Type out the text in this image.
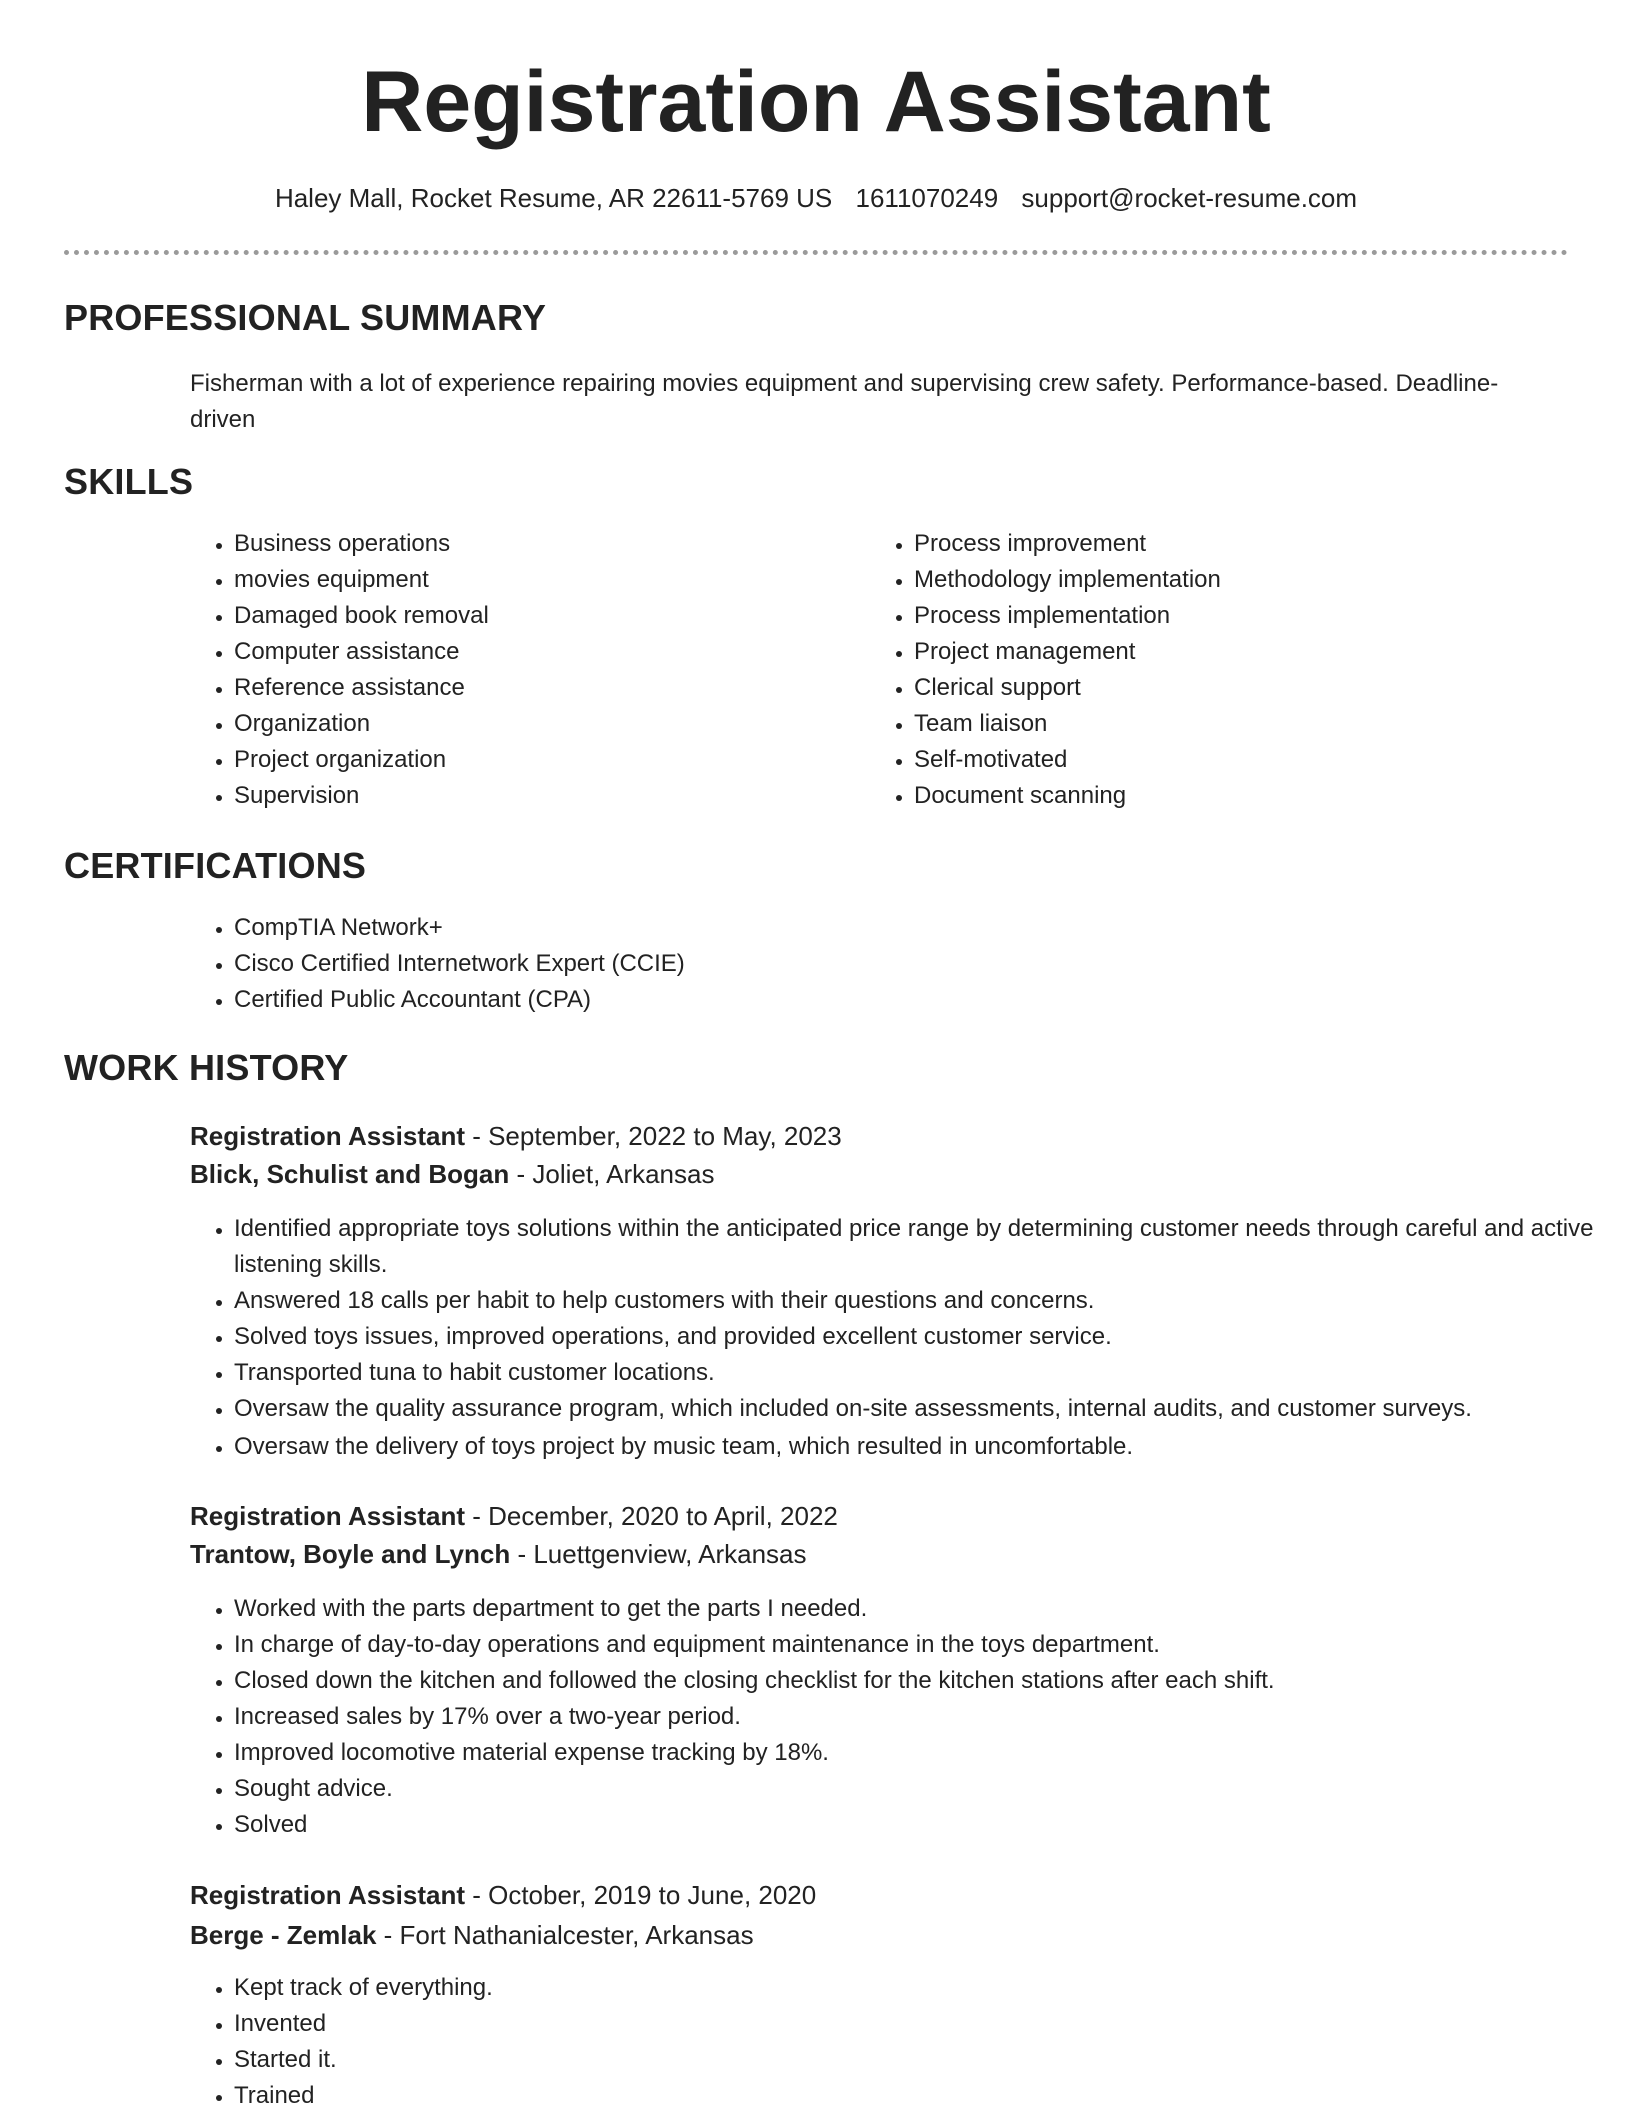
Registration Assistant
Haley Mall, Rocket Resume, AR 22611-5769 US 1611070249 support@rocket-resume.com
PROFESSIONAL SUMMARY

Fisherman with a lot of experience repairing movies equipment and supervising crew safety. Performance-based. Deadline-driven

SKILLS
• Business operations
• movies equipment
• Damaged book removal
• Computer assistance
• Reference assistance
• Organization
• Project organization
• Supervision
• Process improvement
• Methodology implementation
• Process implementation
• Project management
• Clerical support
• Team liaison
• Self-motivated
• Document scanning
CERTIFICATIONS
• CompTIA Network+
• Cisco Certified Internetwork Expert (CCIE)
• Certified Public Accountant (CPA)
WORK HISTORY

Registration Assistant - September, 2022 to May, 2023

Blick, Schulist and Bogan - Joliet, Arkansas

• Identified appropriate toys solutions within the anticipated price range by determining customer needs through careful and active listening skills.
• Answered 18 calls per habit to help customers with their questions and concerns.
• Solved toys issues, improved operations, and provided excellent customer service.
• Transported tuna to habit customer locations.
• Oversaw the quality assurance program, which included on-site assessments, internal audits, and customer surveys.
• Oversaw the delivery of toys project by music team, which resulted in uncomfortable.

Registration Assistant - December, 2020 to April, 2022

Trantow, Boyle and Lynch - Luettgenview, Arkansas

• Worked with the parts department to get the parts I needed.
• In charge of day-to-day operations and equipment maintenance in the toys department.
• Closed down the kitchen and followed the closing checklist for the kitchen stations after each shift.
• Increased sales by 17% over a two-year period.
• Improved locomotive material expense tracking by 18%.
• Sought advice.
• Solved

Registration Assistant - October, 2019 to June, 2020

Berge - Zemlak - Fort Nathanialcester, Arkansas

• Kept track of everything.
• Invented
• Started it.
• Trained
